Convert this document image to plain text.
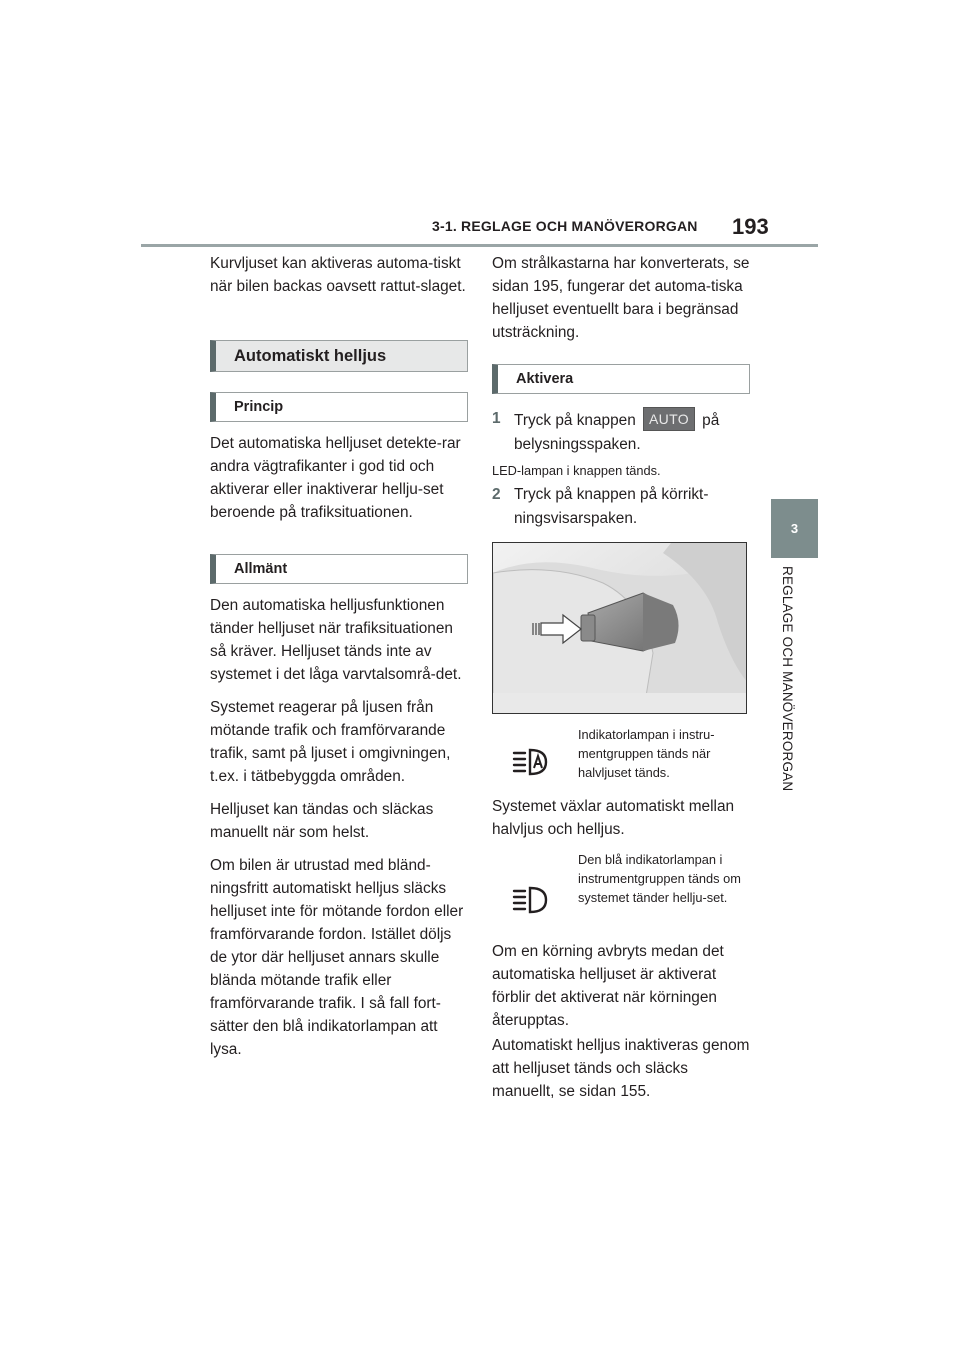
3-1. REGLAGE OCH MANÖVERORGAN 193
3
REGLAGE OCH MANÖVERORGAN

Kurvljuset kan aktiveras automa-tiskt när bilen backas oavsett rattut-slaget.

Automatiskt helljus
Princip

Det automatiska helljuset detekte-rar andra vägtrafikanter i god tid och aktiverar eller inaktiverar hellju-set beroende på trafiksituationen.

Allmänt

Den automatiska helljusfunktionen tänder helljuset när trafiksituationen så kräver. Helljuset tänds inte av systemet i det låga varvtalsområ-det.

Systemet reagerar på ljusen från mötande trafik och framförvarande trafik, samt på ljuset i omgivningen, t.ex. i tätbebyggda områden.

Helljuset kan tändas och släckas manuellt när som helst.

Om bilen är utrustad med bländ-ningsfritt automatiskt helljus släcks helljuset inte för mötande fordon eller framförvarande fordon. Istället döljs de ytor där helljuset annars skulle blända mötande trafik eller framförvarande trafik. I så fall fort-sätter den blå indikatorlampan att lysa.

Om strålkastarna har konverterats, se sidan 195, fungerar det automa-tiska helljuset eventuellt bara i begränsad utsträckning.

Aktivera
1 Tryck på knappen AUTO på belysningsspaken.

LED-lampan i knappen tänds.

2 Tryck på knappen på körrikt-ningsvisarspaken.
Indikatorlampan i instru-mentgruppen tänds när halvljuset tänds.

Systemet växlar automatiskt mellan halvljus och helljus.

Den blå indikatorlampan i instrumentgruppen tänds om systemet tänder hellju-set.

Om en körning avbryts medan det automatiska helljuset är aktiverat förblir det aktiverat när körningen återupptas.

Automatiskt helljus inaktiveras genom att helljuset tänds och släcks manuellt, se sidan 155.
